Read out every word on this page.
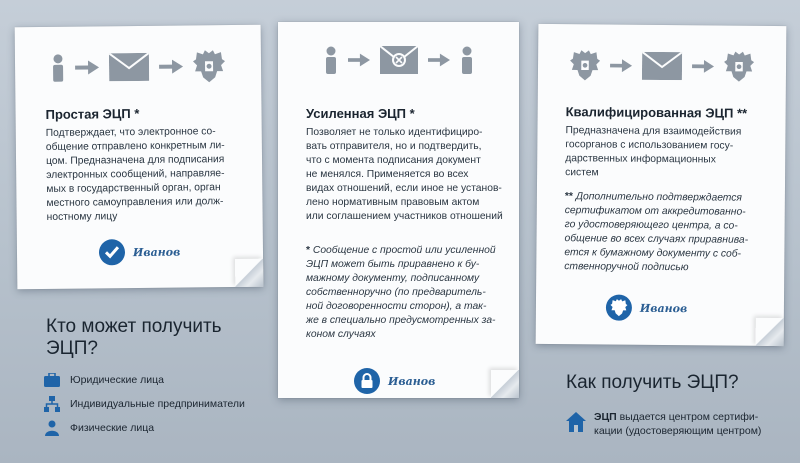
Простая ЭЦП *
Подтверждает, что электронное со-
общение отправлено конкретным ли-
цом. Предназначена для подписания
электронных сообщений, направляе-
мых в государственный орган, орган
местного самоуправления или долж-
ностному лицу
Иванов
Усиленная ЭЦП *
Позволяет не только идентифициро-
вать отправителя, но и подтвердить,
что с момента подписания документ
не менялся. Применяется во всех
видах отношений, если иное не установ-
лено нормативным правовым актом
или соглашением участников отношений
* Сообщение с простой или усиленной
ЭЦП может быть приравнено к бу-
мажному документу, подписанному
собственноручно (по предваритель-
ной договоренности сторон), а так-
же в специально предусмотренных за-
коном случаях
Иванов
Квалифицированная ЭЦП **
Предназначена для взаимодействия
госорганов с использованием госу-
дарственных информационных
систем
** Дополнительно подтверждается
сертификатом от аккредитованно-
го удостоверяющего центра, а со-
общение во всех случаях приравнива-
ется к бумажному документу с соб-
ственноручной подписью
Иванов
Кто может получить
ЭЦП?
Юридические лица
Индивидуальные предприниматели
Физические лица
Как получить ЭЦП?
ЭЦП выдается центром сертифи-
кации (удостоверяющим центром)
